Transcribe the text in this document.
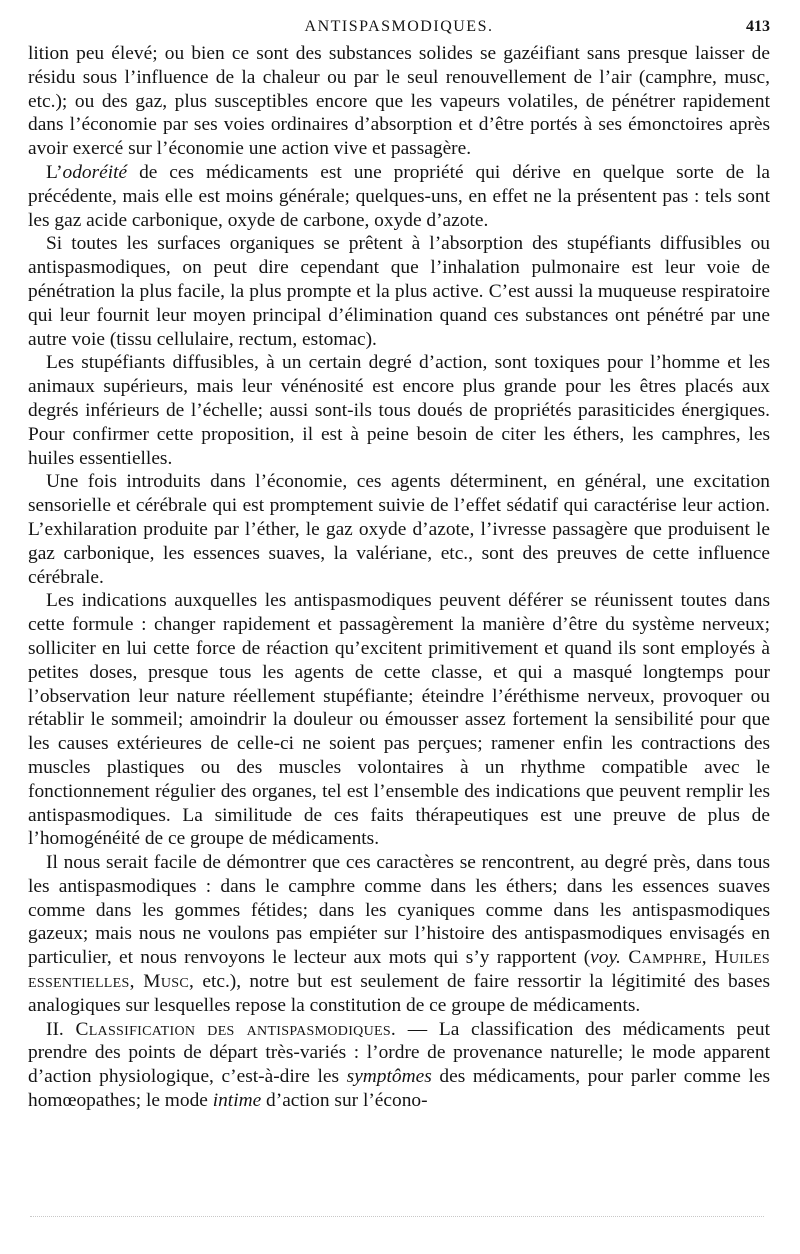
ANTISPASMODIQUES.	413

lition peu élevé; ou bien ce sont des substances solides se gazéifiant sans presque laisser de résidu sous l’influence de la chaleur ou par le seul renouvellement de l’air (camphre, musc, etc.); ou des gaz, plus susceptibles encore que les vapeurs volatiles, de pénétrer rapidement dans l’économie par ses voies ordinaires d’absorption et d’être portés à ses émonctoires après avoir exercé sur l’économie une action vive et passagère.

L’odoréité de ces médicaments est une propriété qui dérive en quelque sorte de la précédente, mais elle est moins générale; quelques-uns, en effet ne la présentent pas : tels sont les gaz acide carbonique, oxyde de carbone, oxyde d’azote.

Si toutes les surfaces organiques se prêtent à l’absorption des stupéfiants diffusibles ou antispasmodiques, on peut dire cependant que l’inhalation pulmonaire est leur voie de pénétration la plus facile, la plus prompte et la plus active. C’est aussi la muqueuse respiratoire qui leur fournit leur moyen principal d’élimination quand ces substances ont pénétré par une autre voie (tissu cellulaire, rectum, estomac).

Les stupéfiants diffusibles, à un certain degré d’action, sont toxiques pour l’homme et les animaux supérieurs, mais leur vénénosité est encore plus grande pour les êtres placés aux degrés inférieurs de l’échelle; aussi sont-ils tous doués de propriétés parasiticides énergiques. Pour confirmer cette proposition, il est à peine besoin de citer les éthers, les camphres, les huiles essentielles.

Une fois introduits dans l’économie, ces agents déterminent, en général, une excitation sensorielle et cérébrale qui est promptement suivie de l’effet sédatif qui caractérise leur action. L’exhilaration produite par l’éther, le gaz oxyde d’azote, l’ivresse passagère que produisent le gaz carbonique, les essences suaves, la valériane, etc., sont des preuves de cette influence cérébrale.

Les indications auxquelles les antispasmodiques peuvent déférer se réunissent toutes dans cette formule : changer rapidement et passagèrement la manière d’être du système nerveux; solliciter en lui cette force de réaction qu’excitent primitivement et quand ils sont employés à petites doses, presque tous les agents de cette classe, et qui a masqué longtemps pour l’observation leur nature réellement stupéfiante; éteindre l’éréthisme nerveux, provoquer ou rétablir le sommeil; amoindrir la douleur ou émousser assez fortement la sensibilité pour que les causes extérieures de celle-ci ne soient pas perçues; ramener enfin les contractions des muscles plastiques ou des muscles volontaires à un rhythme compatible avec le fonctionnement régulier des organes, tel est l’ensemble des indications que peuvent remplir les antispasmodiques. La similitude de ces faits thérapeutiques est une preuve de plus de l’homogénéité de ce groupe de médicaments.

Il nous serait facile de démontrer que ces caractères se rencontrent, au degré près, dans tous les antispasmodiques : dans le camphre comme dans les éthers; dans les essences suaves comme dans les gommes fétides; dans les cyaniques comme dans les antispasmodiques gazeux; mais nous ne voulons pas empiéter sur l’histoire des antispasmodiques envisagés en particulier, et nous renvoyons le lecteur aux mots qui s’y rapportent (voy. Camphre, Huiles essentielles, Musc, etc.), notre but est seulement de faire ressortir la légitimité des bases analogiques sur lesquelles repose la constitution de ce groupe de médicaments.

II. Classification des antispasmodiques. — La classification des médicaments peut prendre des points de départ très-variés : l’ordre de provenance naturelle; le mode apparent d’action physiologique, c’est-à-dire les symptômes des médicaments, pour parler comme les homœopathes; le mode intime d’action sur l’écono-
